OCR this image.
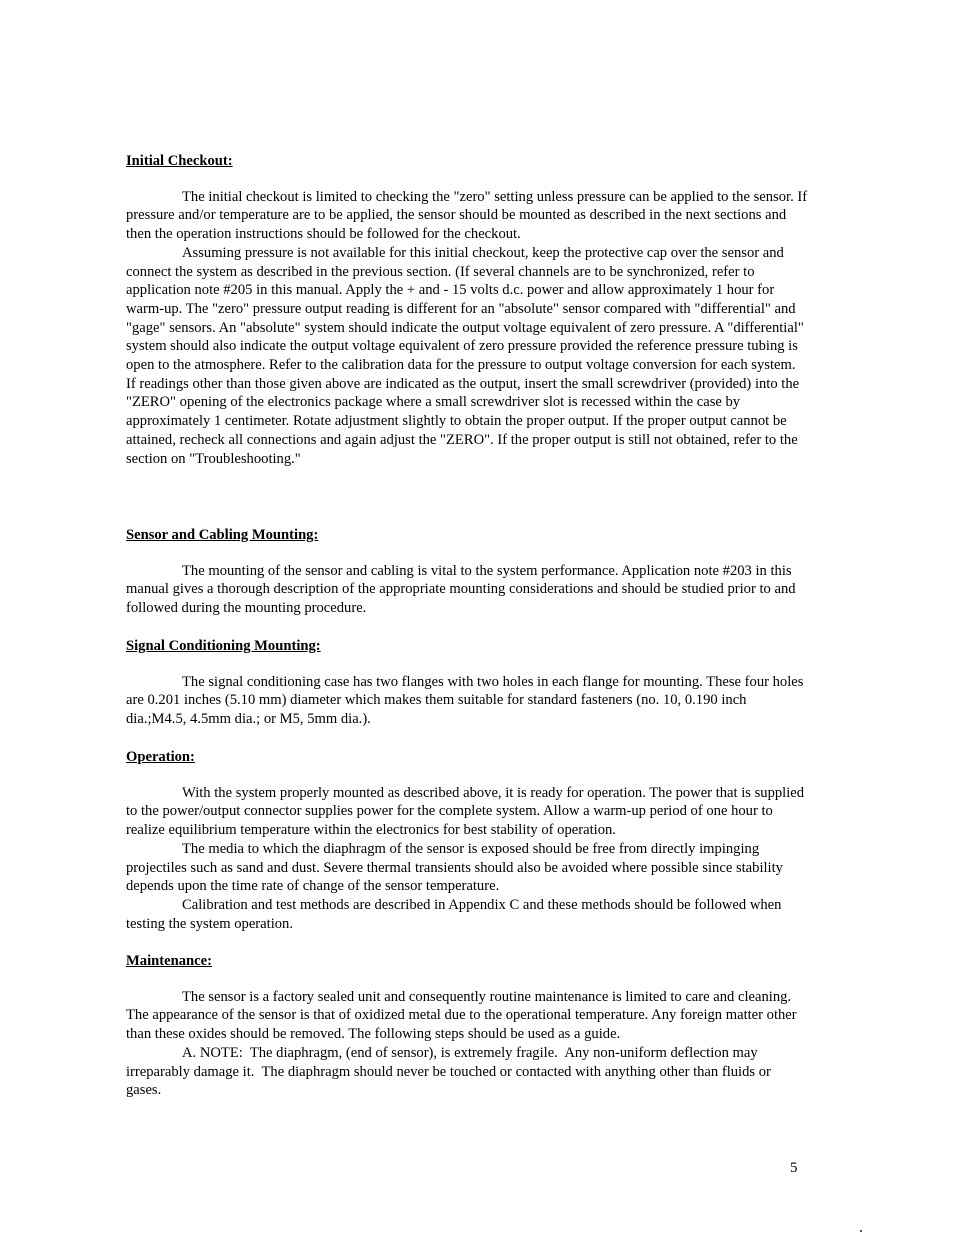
Initial Checkout:

The initial checkout is limited to checking the "zero" setting unless pressure can be applied to the sensor. If pressure and/or temperature are to be applied, the sensor should be mounted as described in the next sections and then the operation instructions should be followed for the checkout.

Assuming pressure is not available for this initial checkout, keep the protective cap over the sensor and connect the system as described in the previous section. (If several channels are to be synchronized, refer to application note #205 in this manual. Apply the + and - 15 volts d.c. power and allow approximately 1 hour for warm-up. The "zero" pressure output reading is different for an "absolute" sensor compared with "differential" and "gage" sensors. An "absolute" system should indicate the output voltage equivalent of zero pressure. A "differential" system should also indicate the output voltage equivalent of zero pressure provided the reference pressure tubing is open to the atmosphere. Refer to the calibration data for the pressure to output voltage conversion for each system. If readings other than those given above are indicated as the output, insert the small screwdriver (provided) into the "ZERO" opening of the electronics package where a small screwdriver slot is recessed within the case by approximately 1 centimeter. Rotate adjustment slightly to obtain the proper output. If the proper output cannot be attained, recheck all connections and again adjust the "ZERO". If the proper output is still not obtained, refer to the section on "Troubleshooting."

Sensor and Cabling Mounting:

The mounting of the sensor and cabling is vital to the system performance. Application note #203 in this manual gives a thorough description of the appropriate mounting considerations and should be studied prior to and followed during the mounting procedure.

Signal Conditioning Mounting:

The signal conditioning case has two flanges with two holes in each flange for mounting. These four holes are 0.201 inches (5.10 mm) diameter which makes them suitable for standard fasteners (no. 10, 0.190 inch dia.;M4.5, 4.5mm dia.; or M5, 5mm dia.).

Operation:

With the system properly mounted as described above, it is ready for operation. The power that is supplied to the power/output connector supplies power for the complete system. Allow a warm-up period of one hour to realize equilibrium temperature within the electronics for best stability of operation.

The media to which the diaphragm of the sensor is exposed should be free from directly impinging projectiles such as sand and dust. Severe thermal transients should also be avoided where possible since stability depends upon the time rate of change of the sensor temperature.

Calibration and test methods are described in Appendix C and these methods should be followed when testing the system operation.

Maintenance:

The sensor is a factory sealed unit and consequently routine maintenance is limited to care and cleaning. The appearance of the sensor is that of oxidized metal due to the operational temperature. Any foreign matter other than these oxides should be removed. The following steps should be used as a guide.

A. NOTE:  The diaphragm, (end of sensor), is extremely fragile.  Any non-uniform deflection may irreparably damage it.  The diaphragm should never be touched or contacted with anything other than fluids or gases.

5
